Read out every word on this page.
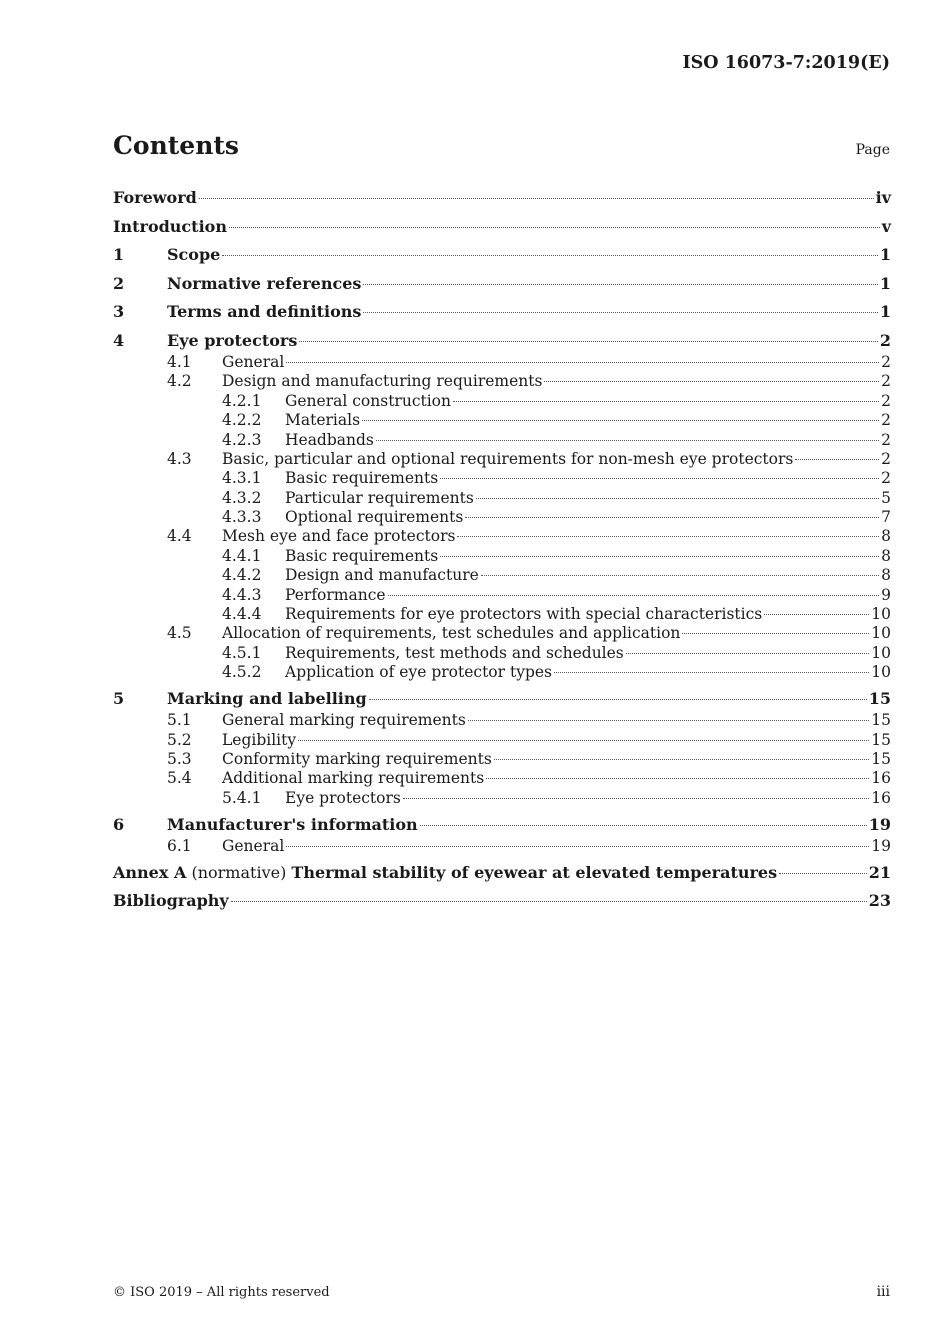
ISO 16073-7:2019(E)
Contents	Page
Foreword	iv
Introduction	v
1	Scope	1
2	Normative references	1
3	Terms and definitions	1
4	Eye protectors	2
4.1	General	2
4.2	Design and manufacturing requirements	2
4.2.1	General construction	2
4.2.2	Materials	2
4.2.3	Headbands	2
4.3	Basic, particular and optional requirements for non-mesh eye protectors	2
4.3.1	Basic requirements	2
4.3.2	Particular requirements	5
4.3.3	Optional requirements	7
4.4	Mesh eye and face protectors	8
4.4.1	Basic requirements	8
4.4.2	Design and manufacture	8
4.4.3	Performance	9
4.4.4	Requirements for eye protectors with special characteristics	10
4.5	Allocation of requirements, test schedules and application	10
4.5.1	Requirements, test methods and schedules	10
4.5.2	Application of eye protector types	10
5	Marking and labelling	15
5.1	General marking requirements	15
5.2	Legibility	15
5.3	Conformity marking requirements	15
5.4	Additional marking requirements	16
5.4.1	Eye protectors	16
6	Manufacturer's information	19
6.1	General	19
Annex A (normative) Thermal stability of eyewear at elevated temperatures	21
Bibliography	23
© ISO 2019 – All rights reserved	iii
